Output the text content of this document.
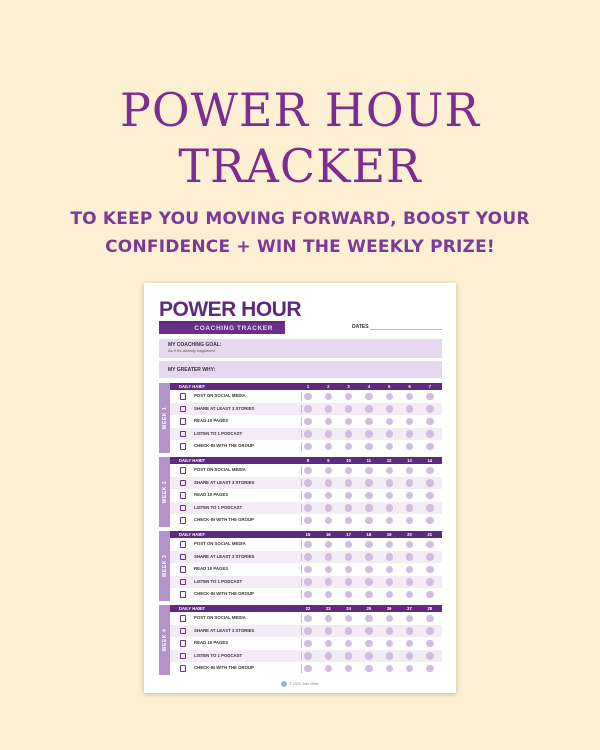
POWER HOUR
TRACKER
TO KEEP YOU MOVING FORWARD, BOOST YOUR
CONFIDENCE + WIN THE WEEKLY PRIZE!
POWER HOUR
COACHING TRACKER	DATES
MY COACHING GOAL:
As if it's already happened
MY GREATER WHY:
WEEK 1
DAILY HABIT	1	2	3	4	5	6	7
POST ON SOCIAL MEDIA
SHARE AT LEAST 3 STORIES
READ 10 PAGES
LISTEN TO 1 PODCAST
CHECK-IN WITH THE GROUP
WEEK 2
DAILY HABIT	8	9	10	11	12	13	14
POST ON SOCIAL MEDIA
SHARE AT LEAST 3 STORIES
READ 10 PAGES
LISTEN TO 1 PODCAST
CHECK-IN WITH THE GROUP
WEEK 3
DAILY HABIT	15	16	17	18	19	20	21
POST ON SOCIAL MEDIA
SHARE AT LEAST 3 STORIES
READ 10 PAGES
LISTEN TO 1 PODCAST
CHECK-IN WITH THE GROUP
WEEK 4
DAILY HABIT	22	23	24	25	26	27	28
POST ON SOCIAL MEDIA
SHARE AT LEAST 3 STORIES
READ 10 PAGES
LISTEN TO 1 PODCAST
CHECK-IN WITH THE GROUP
© 2020 Julie Miller
